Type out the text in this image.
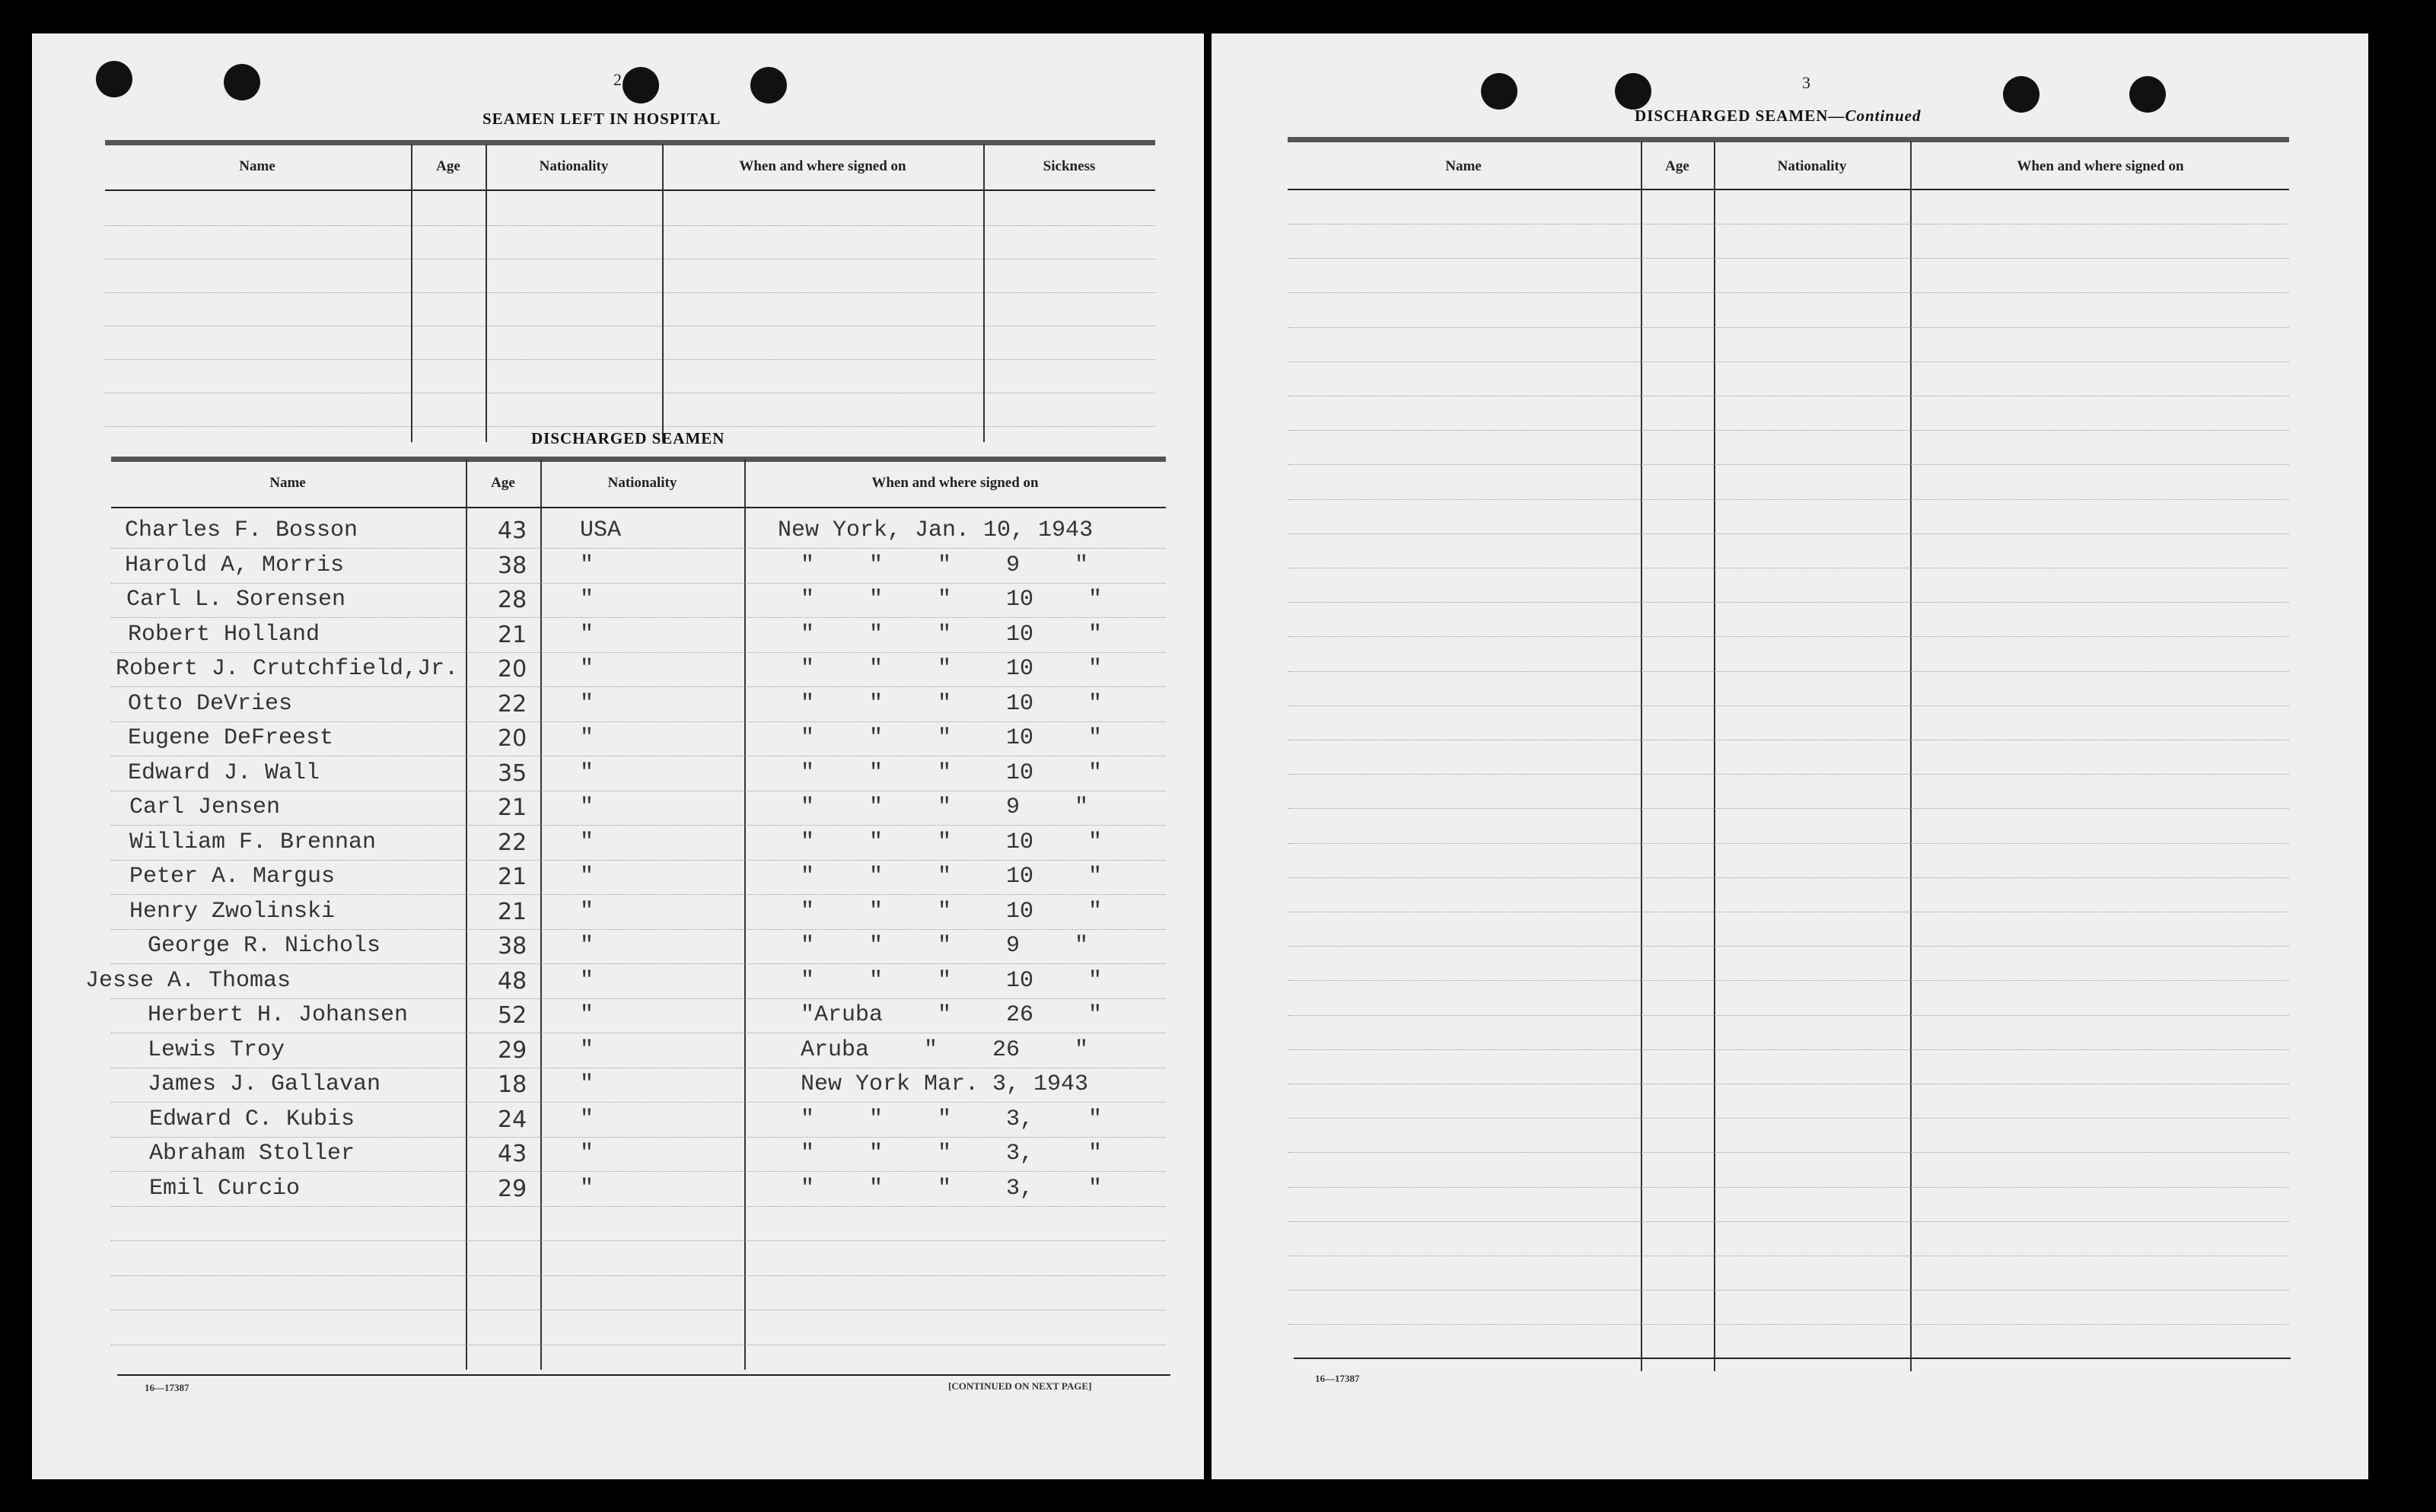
2
SEAMEN LEFT IN HOSPITAL
Name	Age	Nationality	When and where signed on	Sickness
DISCHARGED SEAMEN
Name	Age	Nationality	When and where signed on
Charles F. Bosson	43 USA	New York, Jan. 10, 1943
Harold A, Morris	38 "	"    "    "    9    "
Carl L. Sorensen	28 "	"    "    "    10    "
Robert Holland	21 "	"    "    "    10    "
Robert J. Crutchfield,Jr. 20 "	"    "    "    10    "
Otto DeVries	22 "	"    "    "    10    "
Eugene DeFreest	20 "	"    "    "    10    "
Edward J. Wall	35 "	"    "    "    10    "
Carl Jensen	21 "	"    "    "    9    "
William F. Brennan	22 "	"    "    "    10    "
Peter A. Margus	21 "	"    "    "    10    "
Henry Zwolinski	21 "	"    "    "    10    "
George R. Nichols	38 "	"    "    "    9    "
Jesse A. Thomas	48 "	"    "    "    10    "
Herbert H. Johansen	52 "	"Aruba    "    26    "
Lewis Troy	29 "	Aruba    "    26    "
James J. Gallavan	18 "	New York Mar. 3, 1943
Edward C. Kubis	24 "	"    "    "    3,    "
Abraham Stoller	43 "	"    "    "    3,    "
Emil Curcio	29 "	"    "    "    3,    "
16—17387	[CONTINUED ON NEXT PAGE]
3
DISCHARGED SEAMEN—Continued
Name	Age	Nationality	When and where signed on
16—17387
